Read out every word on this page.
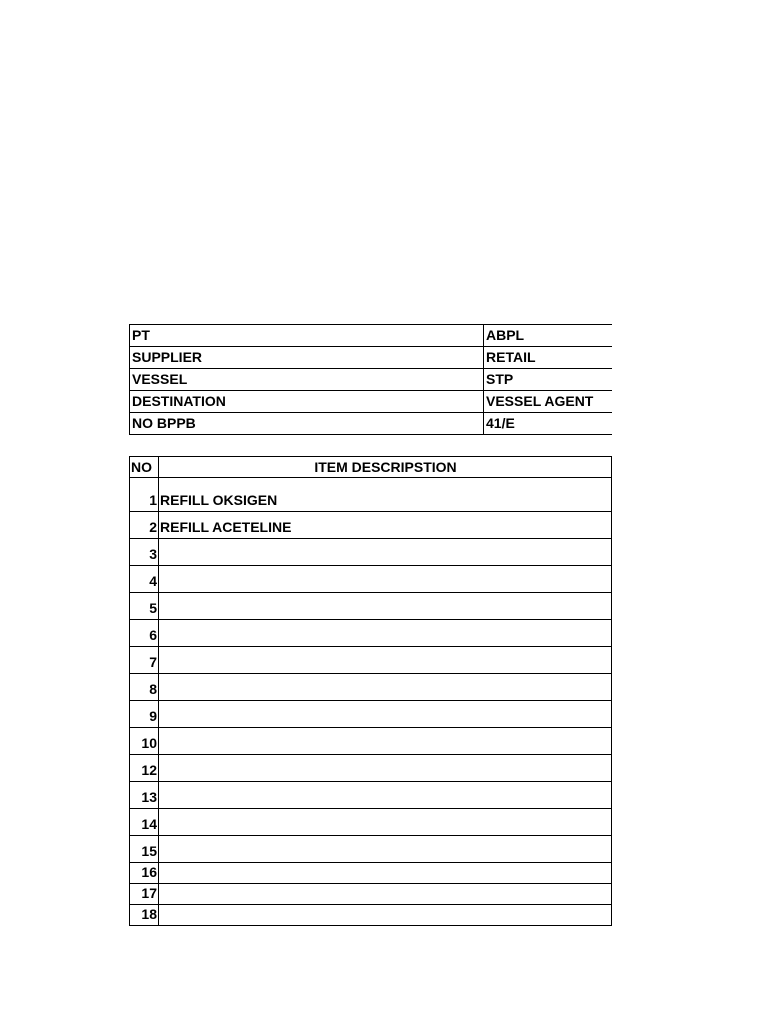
PT	ABPL
SUPPLIER	RETAIL
VESSEL	STP
DESTINATION	VESSEL AGENT
NO BPPB	41/E
NO	ITEM DESCRIPSTION
1	REFILL OKSIGEN
2	REFILL ACETELINE
3	
4	
5	
6	
7	
8	
9	
10	
12	
13	
14	
15	
16	
17	
18	
